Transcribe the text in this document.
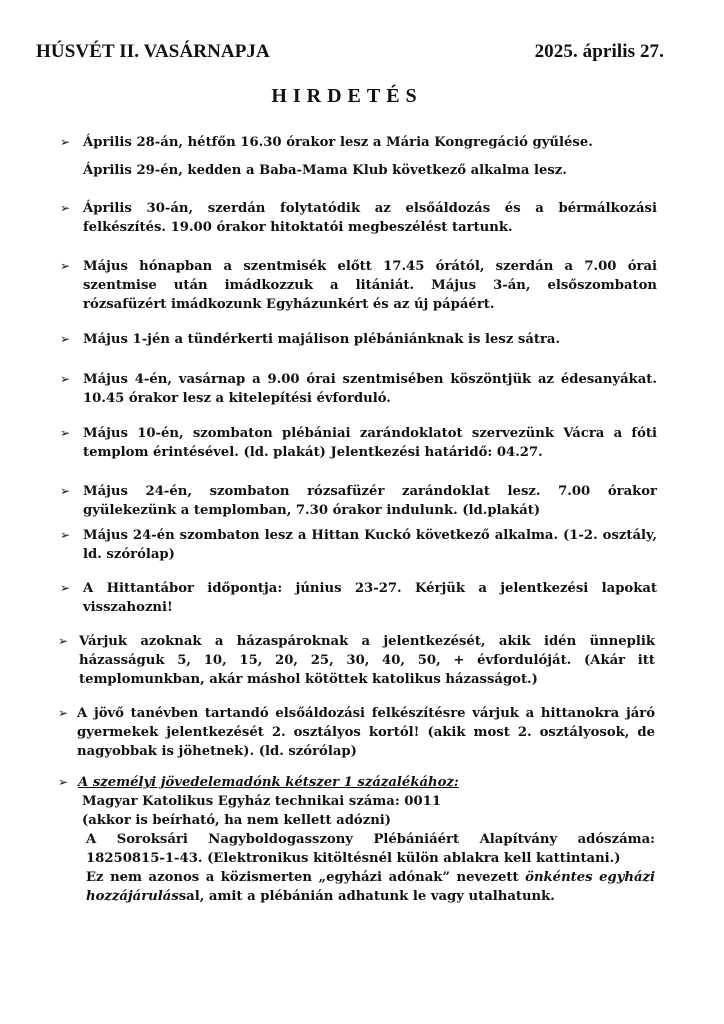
HÚSVÉT II. VASÁRNAPJA	2025. április 27.
HIRDETÉS
➢ Április 28-án, hétfőn 16.30 órakor lesz a Mária Kongregáció gyűlése.

Április 29-én, kedden a Baba-Mama Klub következő alkalma lesz.

➢ Április 30-án, szerdán folytatódik az elsőáldozás és a bérmálkozási felkészítés. 19.00 órakor hitoktatói megbeszélést tartunk.

➢ Május hónapban a szentmisék előtt 17.45 órától, szerdán a 7.00 órai szentmise után imádkozzuk a litániát. Május 3-án, elsőszombaton rózsafüzért imádkozunk Egyházunkért és az új pápáért.

➢ Május 1-jén a tündérkerti majálison plébániánknak is lesz sátra.

➢ Május 4-én, vasárnap a 9.00 órai szentmisében köszöntjük az édesanyákat. 10.45 órakor lesz a kitelepítési évforduló.

➢ Május 10-én, szombaton plébániai zarándoklatot szervezünk Vácra a fóti templom érintésével. (ld. plakát) Jelentkezési határidő: 04.27.

➢ Május 24-én, szombaton rózsafüzér zarándoklat lesz. 7.00 órakor gyülekezünk a templomban, 7.30 órakor indulunk. (ld.plakát)

➢ Május 24-én szombaton lesz a Hittan Kuckó következő alkalma. (1-2. osztály, ld. szórólap)

➢ A Hittantábor időpontja: június 23-27. Kérjük a jelentkezési lapokat visszahozni!

➢ Várjuk azoknak a házaspároknak a jelentkezését, akik idén ünneplik házasságuk 5, 10, 15, 20, 25, 30, 40, 50, + évfordulóját. (Akár itt templomunkban, akár máshol kötöttek katolikus házasságot.)

➢ A jövő tanévben tartandó elsőáldozási felkészítésre várjuk a hittanokra járó gyermekek jelentkezését 2. osztályos kortól! (akik most 2. osztályosok, de nagyobbak is jöhetnek). (ld. szórólap)

➢ A személyi jövedelemadónk kétszer 1 százalékához:

Magyar Katolikus Egyház technikai száma: 0011

(akkor is beírható, ha nem kellett adózni)

A Soroksári Nagyboldogasszony Plébániáért Alapítvány adószáma: 18250815-1-43. (Elektronikus kitöltésnél külön ablakra kell kattintani.)

Ez nem azonos a közismerten „egyházi adónak” nevezett önkéntes egyházi hozzájárulással, amit a plébánián adhatunk le vagy utalhatunk.
